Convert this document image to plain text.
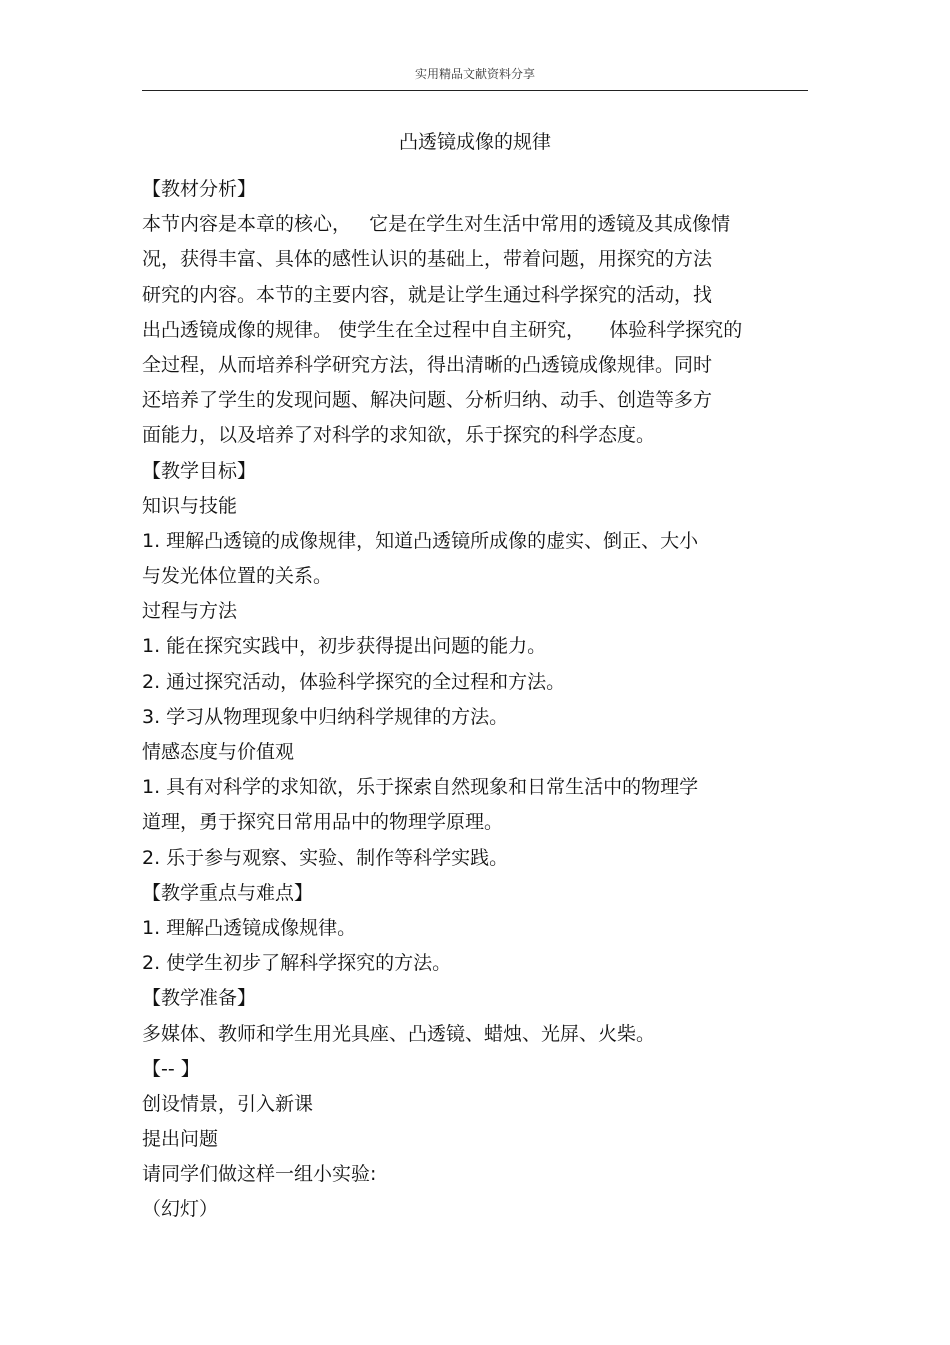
实用精品文献资料分享
凸透镜成像的规律
【教材分析】
本节内容是本章的核心，   它是在学生对生活中常用的透镜及其成像情
况，获得丰富、具体的感性认识的基础上，带着问题，用探究的方法
研究的内容。本节的主要内容，就是让学生通过科学探究的活动，找
出凸透镜成像的规律。 使学生在全过程中自主研究，    体验科学探究的
全过程，从而培养科学研究方法，得出清晰的凸透镜成像规律。同时
还培养了学生的发现问题、解决问题、分析归纳、动手、创造等多方
面能力，以及培养了对科学的求知欲，乐于探究的科学态度。
【教学目标】
知识与技能
1. 理解凸透镜的成像规律，知道凸透镜所成像的虚实、倒正、大小
与发光体位置的关系。
过程与方法
1. 能在探究实践中，初步获得提出问题的能力。
2. 通过探究活动，体验科学探究的全过程和方法。
3. 学习从物理现象中归纳科学规律的方法。
情感态度与价值观
1. 具有对科学的求知欲，乐于探索自然现象和日常生活中的物理学
道理，勇于探究日常用品中的物理学原理。
2. 乐于参与观察、实验、制作等科学实践。
【教学重点与难点】
1. 理解凸透镜成像规律。
2. 使学生初步了解科学探究的方法。
【教学准备】
多媒体、教师和学生用光具座、凸透镜、蜡烛、光屏、火柴。
【-- 】
创设情景，引入新课
提出问题
请同学们做这样一组小实验:
（幻灯）
